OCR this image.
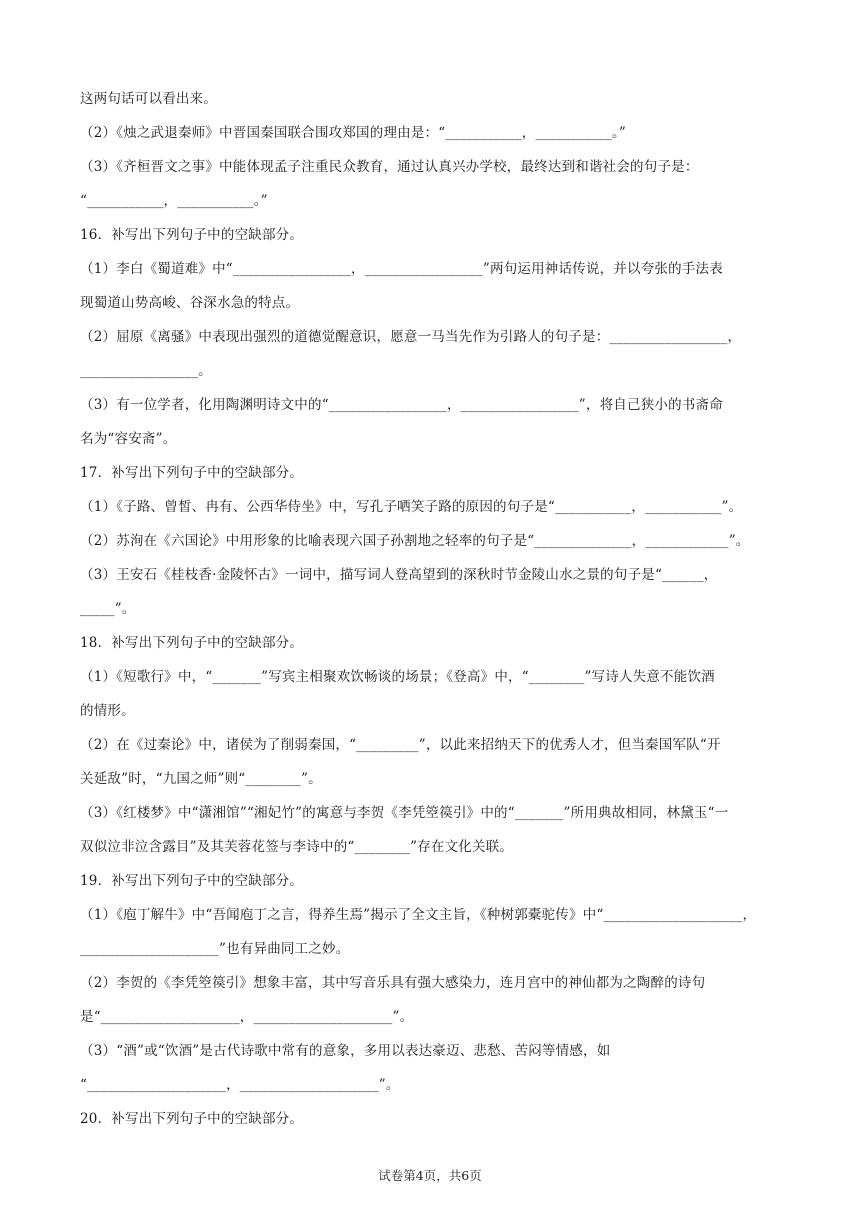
这两句话可以看出来。
（2）《烛之武退秦师》中晋国秦国联合围攻郑国的理由是：“___________，___________。”
（3）《齐桓晋文之事》中能体现孟子注重民众教育，通过认真兴办学校，最终达到和谐社会的句子是：
“___________，___________。”
16．补写出下列句子中的空缺部分。
（1）李白《蜀道难》中“_________________，_________________”两句运用神话传说，并以夸张的手法表
现蜀道山势高峻、谷深水急的特点。
（2）屈原《离骚》中表现出强烈的道德觉醒意识，愿意一马当先作为引路人的句子是：_________________，
_________________。
（3）有一位学者，化用陶渊明诗文中的“_________________，_________________”，将自己狭小的书斋命
名为“容安斋”。
17．补写出下列句子中的空缺部分。
（1）《子路、曾皙、冉有、公西华侍坐》中，写孔子哂笑子路的原因的句子是“___________，___________”。
（2）苏洵在《六国论》中用形象的比喻表现六国子孙割地之轻率的句子是“______________，____________”。
（3）王安石《桂枝香·金陵怀古》一词中，描写词人登高望到的深秋时节金陵山水之景的句子是“______，
_____”。
18．补写出下列句子中的空缺部分。
（1）《短歌行》中，“_______”写宾主相聚欢饮畅谈的场景；《登高》中，“________”写诗人失意不能饮酒
的情形。
（2）在《过秦论》中，诸侯为了削弱秦国，“_________”，以此来招纳天下的优秀人才，但当秦国军队“开
关延敌”时，“九国之师”则“________”。
（3）《红楼梦》中“潇湘馆”“湘妃竹”的寓意与李贺《李凭箜篌引》中的“_______”所用典故相同，林黛玉“一
双似泣非泣含露目”及其芙蓉花签与李诗中的“________”存在文化关联。
19．补写出下列句子中的空缺部分。
（1）《庖丁解牛》中“吾闻庖丁之言，得养生焉”揭示了全文主旨，《种树郭橐驼传》中“____________________，
____________________”也有异曲同工之妙。
（2）李贺的《李凭箜篌引》想象丰富，其中写音乐具有强大感染力，连月宫中的神仙都为之陶醉的诗句
是“____________________，____________________”。
（3）“酒”或“饮酒”是古代诗歌中常有的意象，多用以表达豪迈、悲愁、苦闷等情感，如
“____________________，____________________”。
20．补写出下列句子中的空缺部分。
试卷第4页，共6页
